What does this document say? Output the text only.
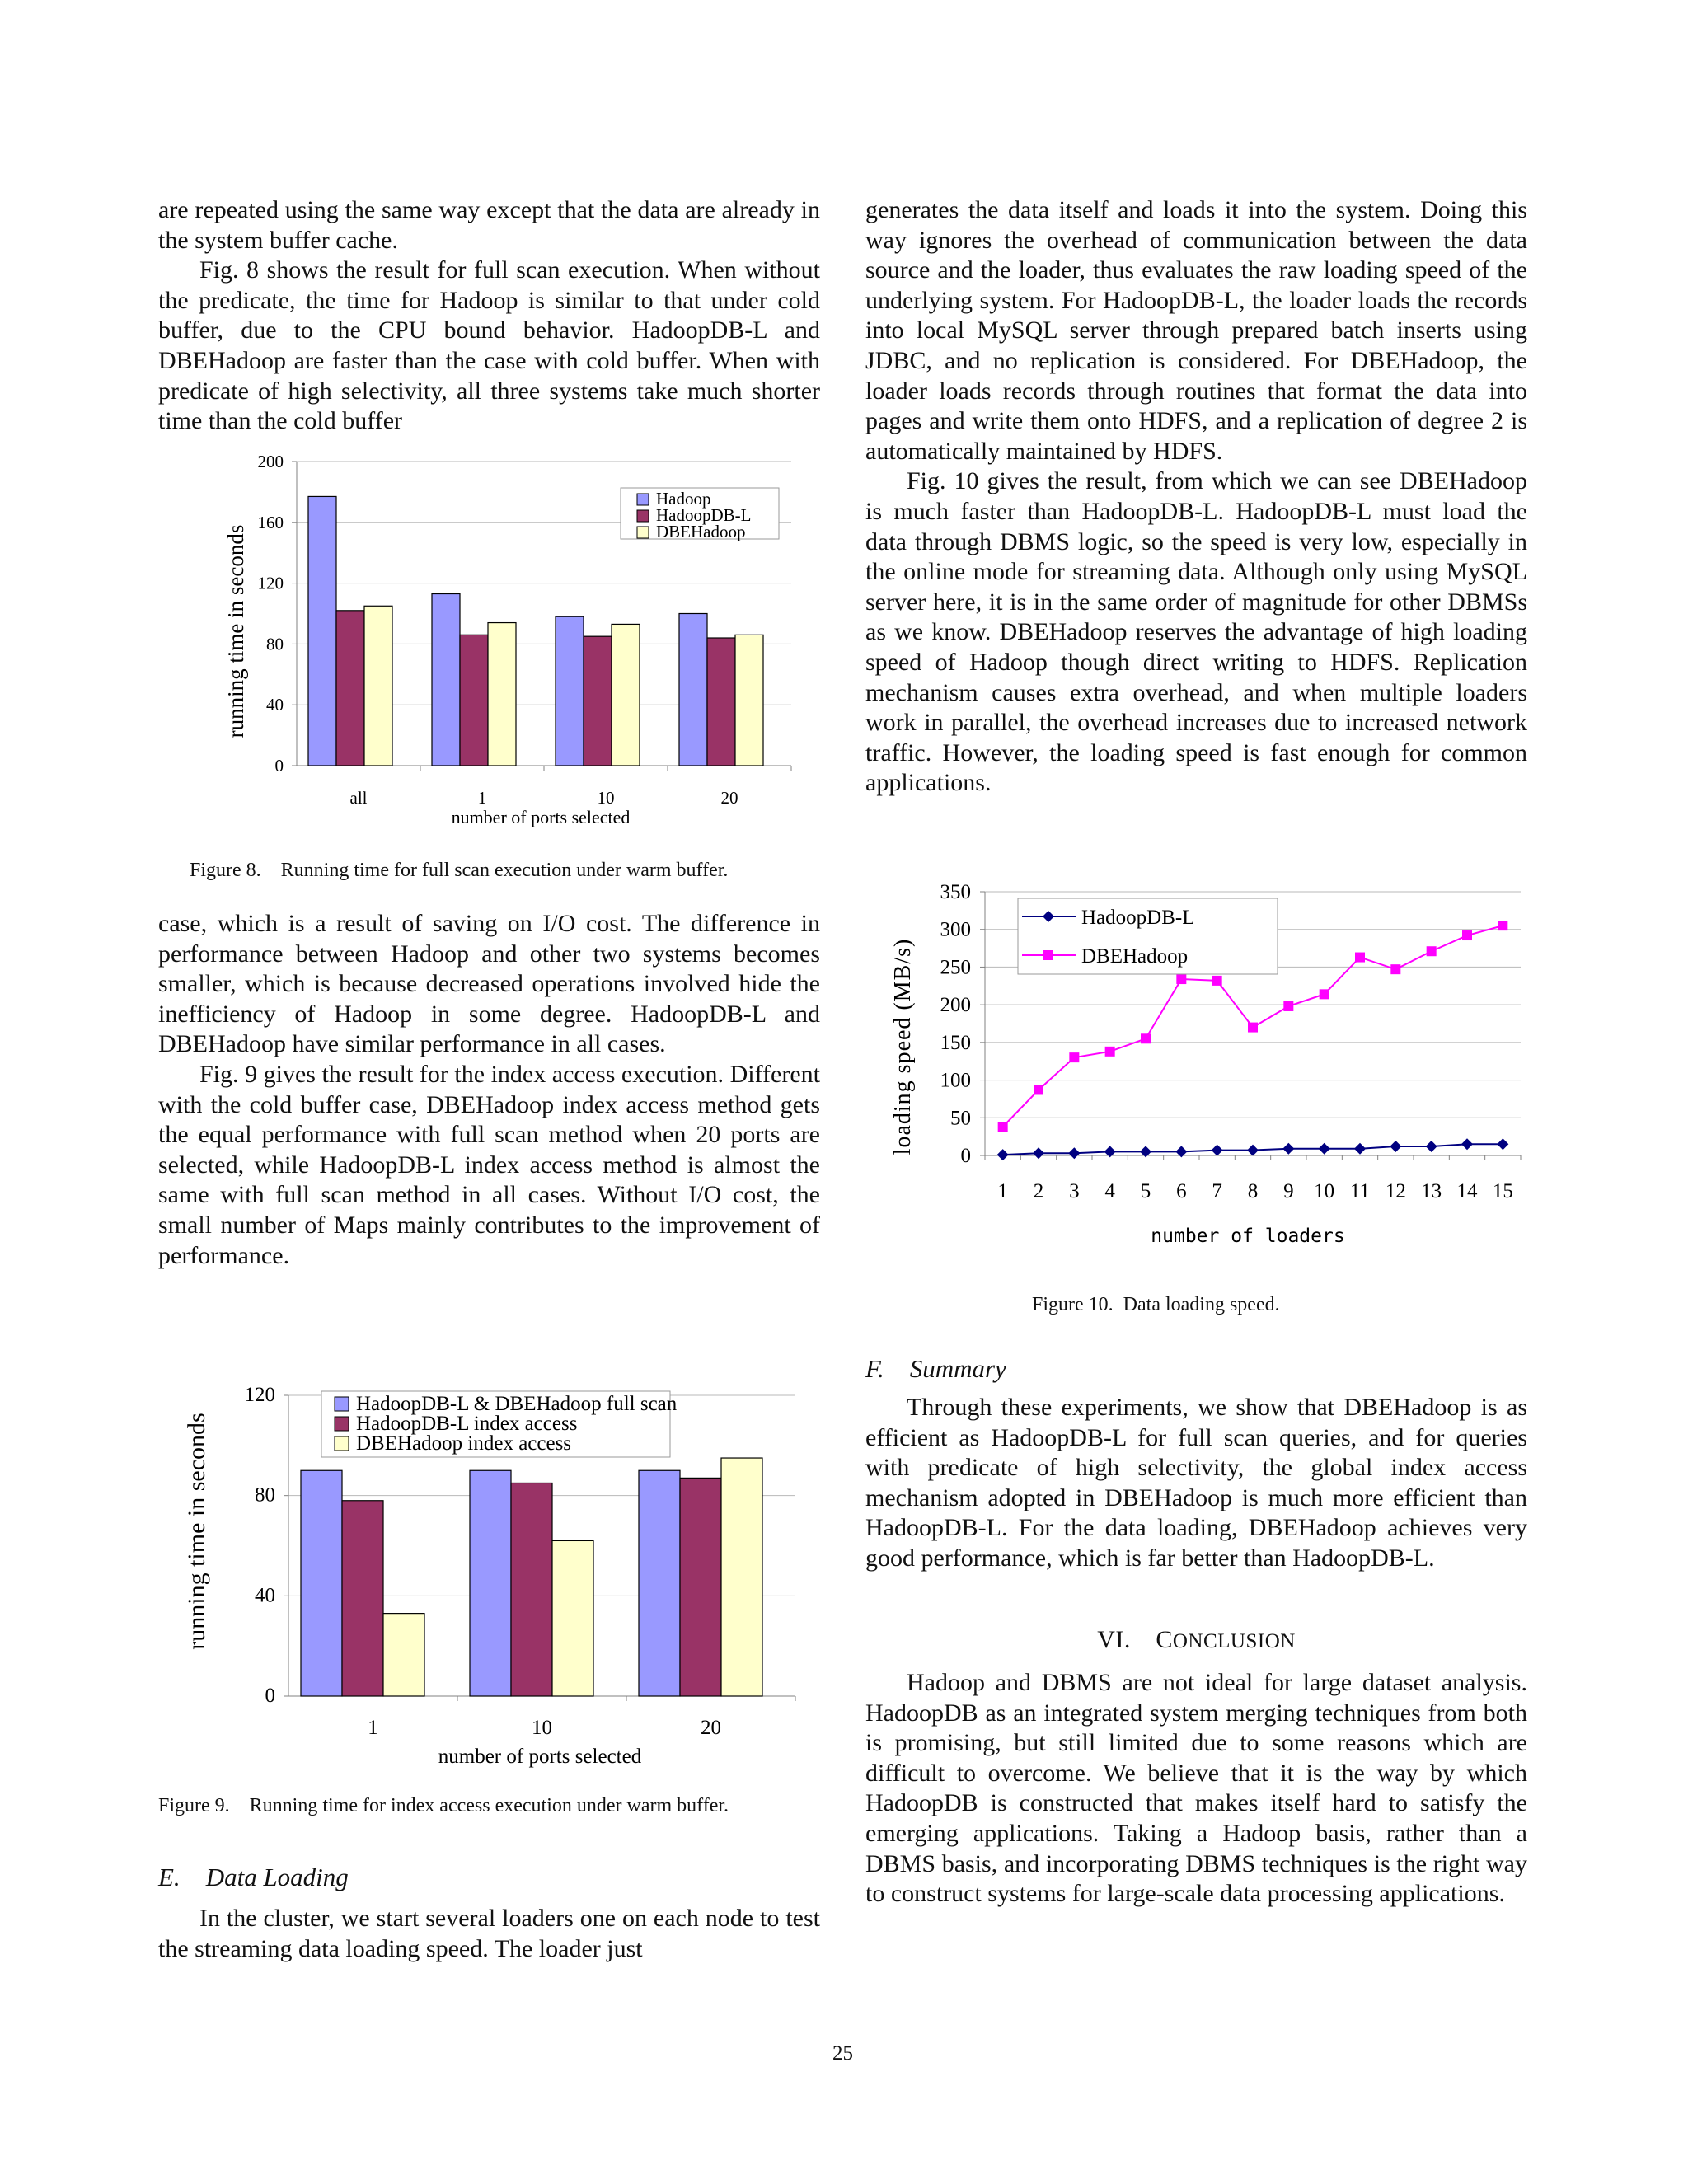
are repeated using the same way except that the data are already in the system buffer cache.

Fig. 8 shows the result for full scan execution. When without the predicate, the time for Hadoop is similar to that under cold buffer, due to the CPU bound behavior. HadoopDB-L and DBEHadoop are faster than the case with cold buffer. When with predicate of high selectivity, all three systems take much shorter time than the cold buffer

0
40
80
120
160
200
all	1	10	20
running time in seconds
number of ports selected
Hadoop
HadoopDB-L
DBEHadoop
Figure 8.  Running time for full scan execution under warm buffer.

case, which is a result of saving on I/O cost. The difference in performance between Hadoop and other two systems becomes smaller, which is because decreased operations involved hide the inefficiency of Hadoop in some degree. HadoopDB-L and DBEHadoop have similar performance in all cases.

Fig. 9 gives the result for the index access execution. Different with the cold buffer case, DBEHadoop index access method gets the equal performance with full scan method when 20 ports are selected, while HadoopDB-L index access method is almost the same with full scan method in all cases. Without I/O cost, the small number of Maps mainly contributes to the improvement of performance.

0
40
80
120
1	10	20
running time in seconds
number of ports selected
HadoopDB-L & DBEHadoop full scan
HadoopDB-L index access
DBEHadoop index access
Figure 9.  Running time for index access execution under warm buffer.
E.  Data Loading

In the cluster, we start several loaders one on each node to test the streaming data loading speed. The loader just

generates the data itself and loads it into the system. Doing this way ignores the overhead of communication between the data source and the loader, thus evaluates the raw loading speed of the underlying system. For HadoopDB-L, the loader loads the records into local MySQL server through prepared batch inserts using JDBC, and no replication is considered. For DBEHadoop, the loader loads records through routines that format the data into pages and write them onto HDFS, and a replication of degree 2 is automatically maintained by HDFS.

Fig. 10 gives the result, from which we can see DBEHadoop is much faster than HadoopDB-L. HadoopDB-L must load the data through DBMS logic, so the speed is very low, especially in the online mode for streaming data. Although only using MySQL server here, it is in the same order of magnitude for other DBMSs as we know. DBEHadoop reserves the advantage of high loading speed of Hadoop though direct writing to HDFS. Replication mechanism causes extra overhead, and when multiple loaders work in parallel, the overhead increases due to increased network traffic. However, the loading speed is fast enough for common applications.

0
50
100
150
200
250
300
350
1 2 3 4 5 6 7 8 9 10 11 12 13 14 15
loading speed (MB/s)
number of loaders
HadoopDB-L
DBEHadoop
Figure 10. Data loading speed.
F.  Summary

Through these experiments, we show that DBEHadoop is as efficient as HadoopDB-L for full scan queries, and for queries with predicate of high selectivity, the global index access mechanism adopted in DBEHadoop is much more efficient than HadoopDB-L. For the data loading, DBEHadoop achieves very good performance, which is far better than HadoopDB-L.

VI.  CONCLUSION

Hadoop and DBMS are not ideal for large dataset analysis. HadoopDB as an integrated system merging techniques from both is promising, but still limited due to some reasons which are difficult to overcome. We believe that it is the way by which HadoopDB is constructed that makes itself hard to satisfy the emerging applications. Taking a Hadoop basis, rather than a DBMS basis, and incorporating DBMS techniques is the right way to construct systems for large-scale data processing applications.

25
